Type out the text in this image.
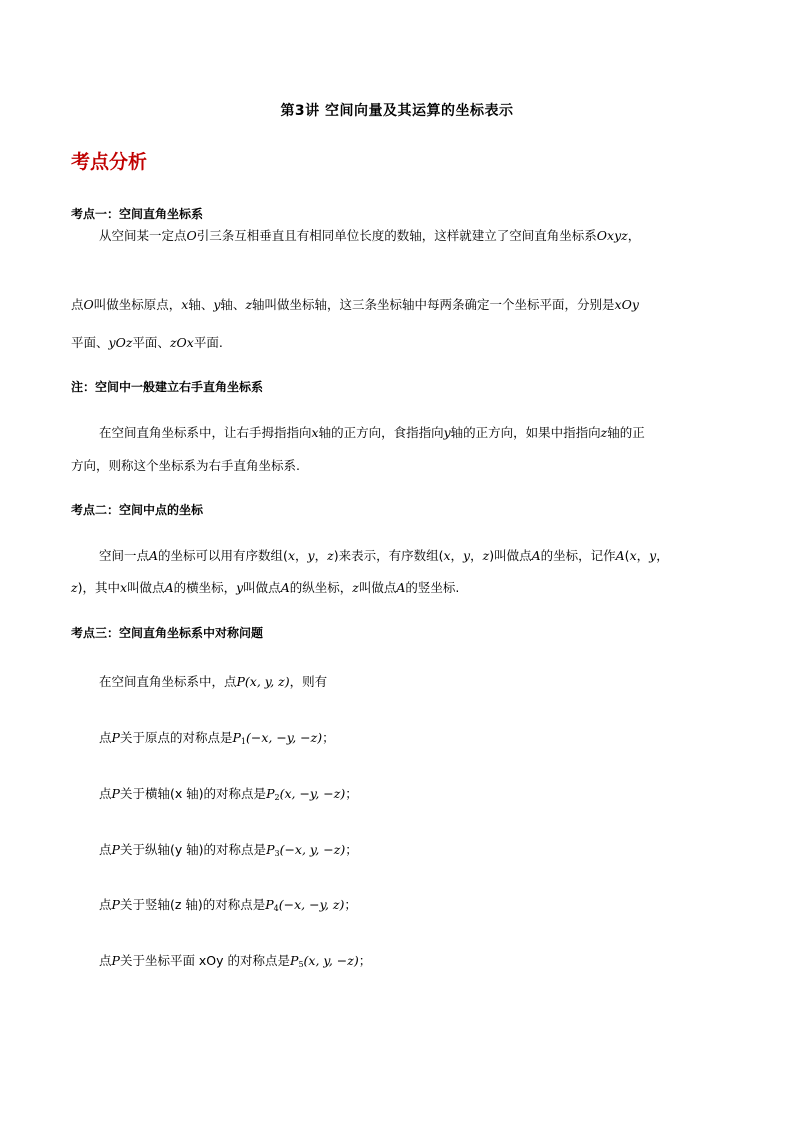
第3讲 空间向量及其运算的坐标表示
考点分析
考点一：空间直角坐标系
从空间某一定点O引三条互相垂直且有相同单位长度的数轴，这样就建立了空间直角坐标系Oxyz，
点O叫做坐标原点，x轴、y轴、z轴叫做坐标轴，这三条坐标轴中每两条确定一个坐标平面，分别是xOy
平面、yOz平面、zOx平面.
注：空间中一般建立右手直角坐标系
在空间直角坐标系中，让右手拇指指向x轴的正方向，食指指向y轴的正方向，如果中指指向z轴的正
方向，则称这个坐标系为右手直角坐标系.
考点二：空间中点的坐标
空间一点A的坐标可以用有序数组(x，y，z)来表示，有序数组(x，y，z)叫做点A的坐标，记作A(x，y，
z)，其中x叫做点A的横坐标，y叫做点A的纵坐标，z叫做点A的竖坐标.
考点三：空间直角坐标系中对称问题
在空间直角坐标系中，点P(x, y, z)，则有
点P关于原点的对称点是$P_1(-x$, −y, −z)；
点P关于横轴(x 轴)的对称点是$P_2(x$, −y, −z)；
点P关于纵轴(y 轴)的对称点是$P_3(-x$, y, −z)；
点P关于竖轴(z 轴)的对称点是$P_4(-x$, −y, z)；
点P关于坐标平面 xOy 的对称点是$P_5(x$, y, −z)；
